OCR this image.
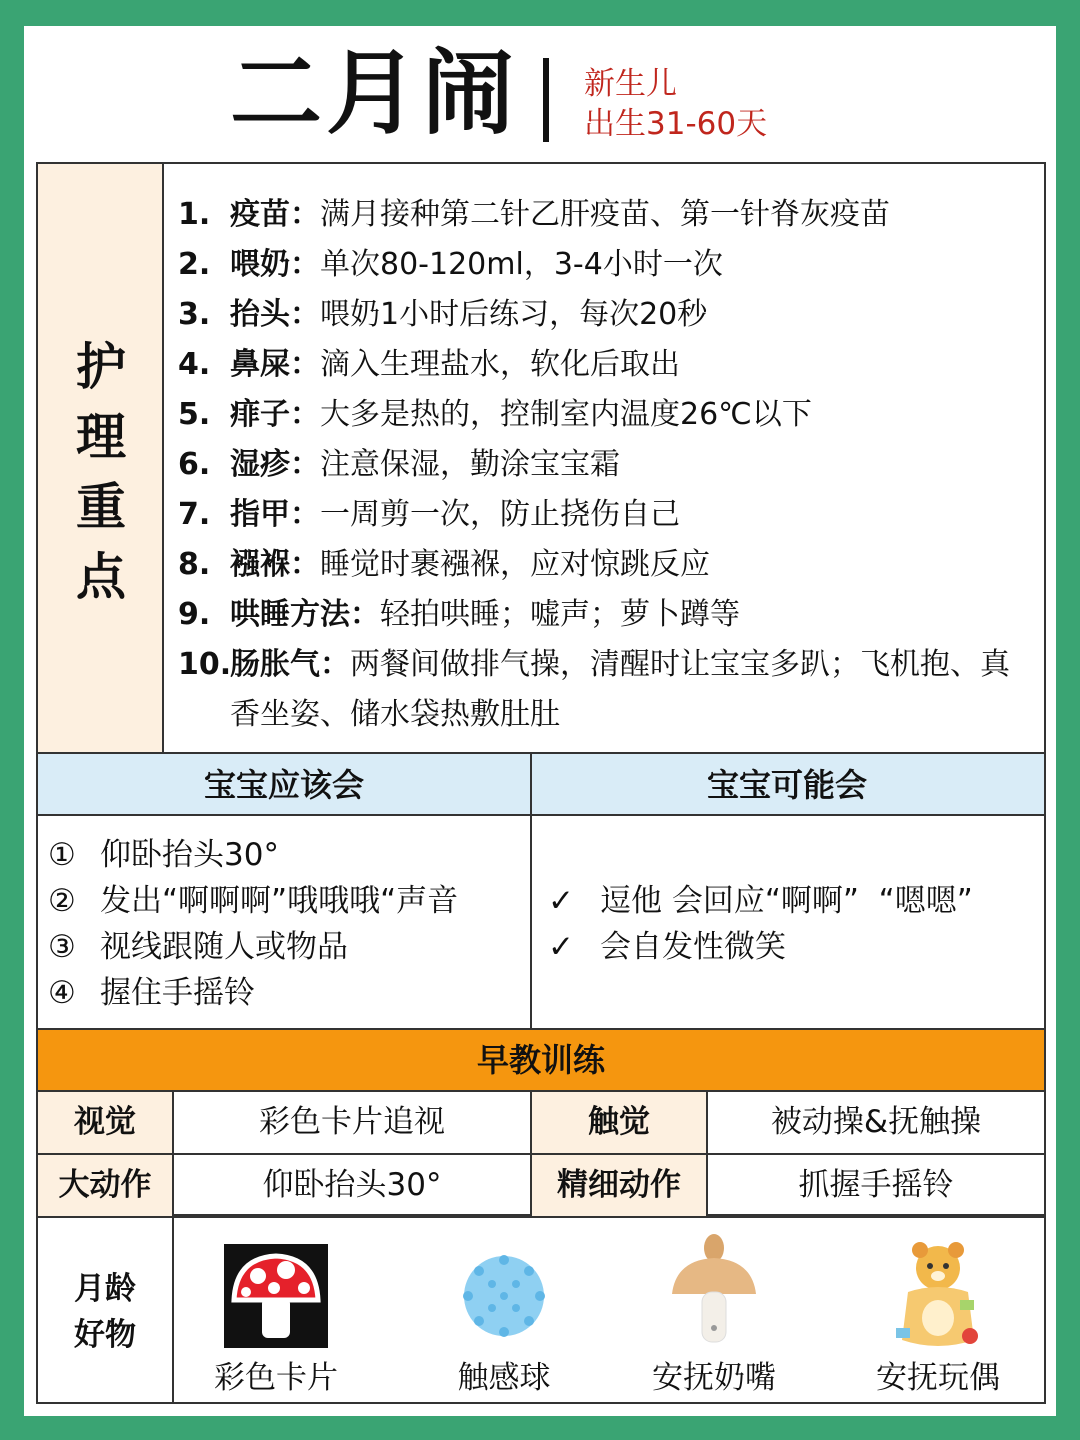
二月闹 新生儿
出生31-60天
护
理
重
点
1. 疫苗：满月接种第二针乙肝疫苗、第一针脊灰疫苗
2. 喂奶：单次80-120ml，3-4小时一次
3. 抬头：喂奶1小时后练习，每次20秒
4. 鼻屎：滴入生理盐水，软化后取出
5. 痱子：大多是热的，控制室内温度26℃以下
6. 湿疹：注意保湿，勤涂宝宝霜
7. 指甲：一周剪一次，防止挠伤自己
8. 襁褓：睡觉时裹襁褓，应对惊跳反应
9. 哄睡方法：轻拍哄睡；嘘声；萝卜蹲等
10.
肠胀气：两餐间做排气操，清醒时让宝宝多趴；飞机抱、真香坐姿、储水袋热敷肚肚
宝宝应该会	宝宝可能会
① 仰卧抬头30°
② 发出“啊啊啊”哦哦哦“声音
③ 视线跟随人或物品
④ 握住手摇铃
✓ 逗他 会回应“啊啊”  “嗯嗯”
✓ 会自发性微笑
早教训练
视觉	彩色卡片追视	触觉	被动操&抚触操
大动作	仰卧抬头30°	精细动作	抓握手摇铃
月龄
好物
彩色卡片	触感球	安抚奶嘴	安抚玩偶
